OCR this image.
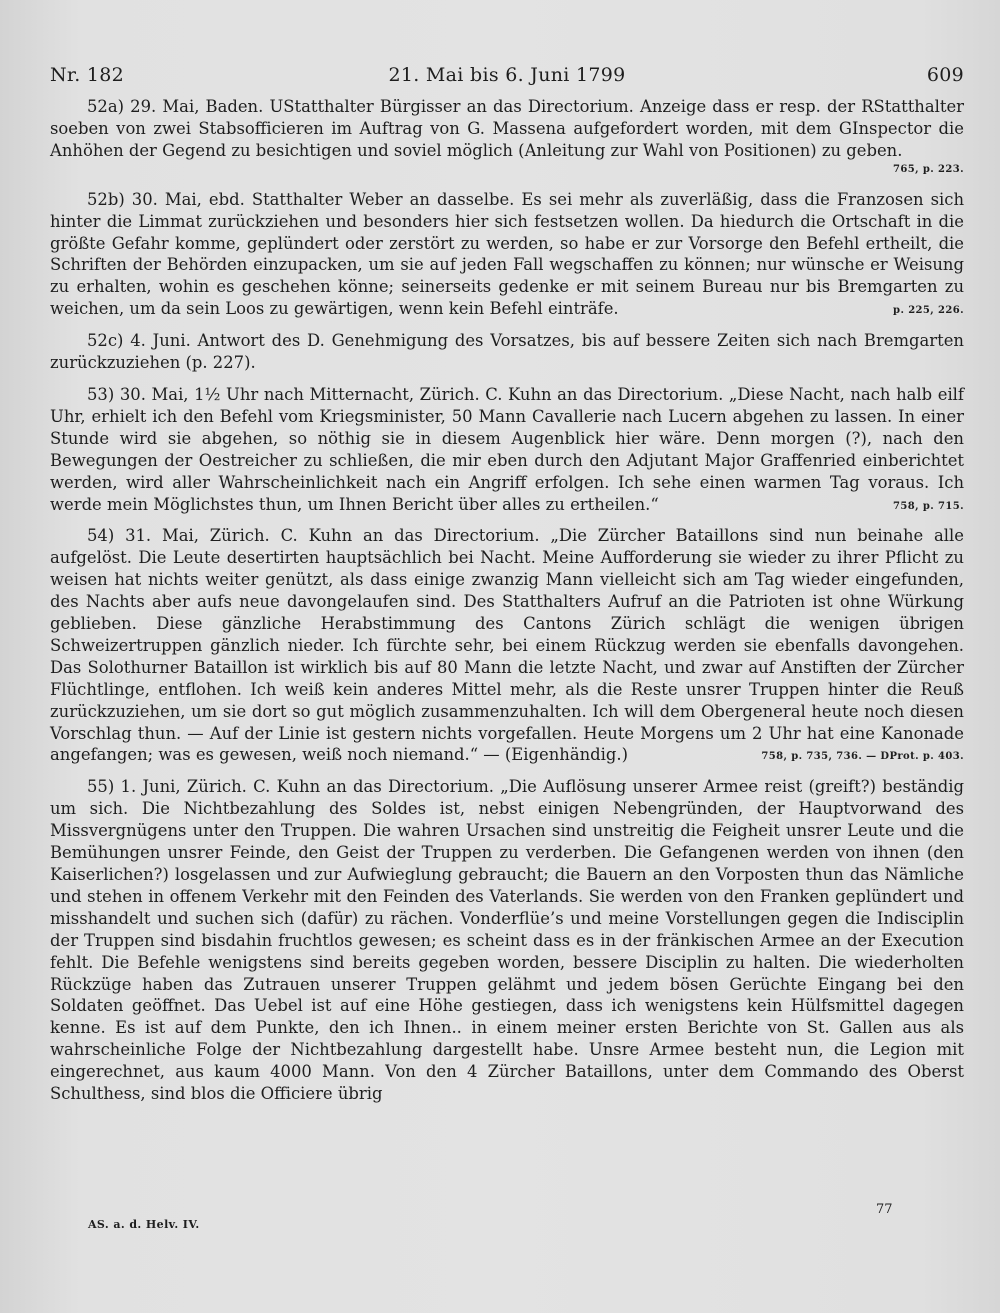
Nr. 182	21. Mai bis 6. Juni 1799	609

52a) 29. Mai, Baden. UStatthalter Bürgisser an das Directorium. Anzeige dass er resp. der RStatthalter soeben von zwei Stabsofficieren im Auftrag von G. Massena aufgefordert worden, mit dem GInspector die Anhöhen der Gegend zu besichtigen und soviel möglich (Anleitung zur Wahl von Positionen) zu geben.

765, p. 223.

52b) 30. Mai, ebd. Statthalter Weber an dasselbe. Es sei mehr als zuverläßig, dass die Franzosen sich hinter die Limmat zurückziehen und besonders hier sich festsetzen wollen. Da hiedurch die Ortschaft in die größte Gefahr komme, geplündert oder zerstört zu werden, so habe er zur Vorsorge den Befehl ertheilt, die Schriften der Behörden einzupacken, um sie auf jeden Fall wegschaffen zu können; nur wünsche er Weisung zu erhalten, wohin es geschehen könne; seinerseits gedenke er mit seinem Bureau nur bis Bremgarten zu weichen, um da sein Loos zu gewärtigen, wenn kein Befehl einträfe.	p. 225, 226.

52c) 4. Juni. Antwort des D. Genehmigung des Vorsatzes, bis auf bessere Zeiten sich nach Bremgarten zurückzuziehen (p. 227).

53) 30. Mai, 1½ Uhr nach Mitternacht, Zürich. C. Kuhn an das Directorium. „Diese Nacht, nach halb eilf Uhr, erhielt ich den Befehl vom Kriegsminister, 50 Mann Cavallerie nach Lucern abgehen zu lassen. In einer Stunde wird sie abgehen, so nöthig sie in diesem Augenblick hier wäre. Denn morgen (?), nach den Bewegungen der Oestreicher zu schließen, die mir eben durch den Adjutant Major Graffenried einberichtet werden, wird aller Wahrscheinlichkeit nach ein Angriff erfolgen. Ich sehe einen warmen Tag voraus. Ich werde mein Möglichstes thun, um Ihnen Bericht über alles zu ertheilen.“	758, p. 715.

54) 31. Mai, Zürich. C. Kuhn an das Directorium. „Die Zürcher Bataillons sind nun beinahe alle aufgelöst. Die Leute desertirten hauptsächlich bei Nacht. Meine Aufforderung sie wieder zu ihrer Pflicht zu weisen hat nichts weiter genützt, als dass einige zwanzig Mann vielleicht sich am Tag wieder eingefunden, des Nachts aber aufs neue davongelaufen sind. Des Statthalters Aufruf an die Patrioten ist ohne Würkung geblieben. Diese gänzliche Herabstimmung des Cantons Zürich schlägt die wenigen übrigen Schweizertruppen gänzlich nieder. Ich fürchte sehr, bei einem Rückzug werden sie ebenfalls davongehen. Das Solothurner Bataillon ist wirklich bis auf 80 Mann die letzte Nacht, und zwar auf Anstiften der Zürcher Flüchtlinge, entflohen. Ich weiß kein anderes Mittel mehr, als die Reste unsrer Truppen hinter die Reuß zurückzuziehen, um sie dort so gut möglich zusammenzuhalten. Ich will dem Obergeneral heute noch diesen Vorschlag thun. — Auf der Linie ist gestern nichts vorgefallen. Heute Morgens um 2 Uhr hat eine Kanonade angefangen; was es gewesen, weiß noch niemand.“ — (Eigenhändig.)	758, p. 735, 736. — DProt. p. 403.

55) 1. Juni, Zürich. C. Kuhn an das Directorium. „Die Auflösung unserer Armee reist (greift?) beständig um sich. Die Nichtbezahlung des Soldes ist, nebst einigen Nebengründen, der Hauptvorwand des Missvergnügens unter den Truppen. Die wahren Ursachen sind unstreitig die Feigheit unsrer Leute und die Bemühungen unsrer Feinde, den Geist der Truppen zu verderben. Die Gefangenen werden von ihnen (den Kaiserlichen?) losgelassen und zur Aufwieglung gebraucht; die Bauern an den Vorposten thun das Nämliche und stehen in offenem Verkehr mit den Feinden des Vaterlands. Sie werden von den Franken geplündert und misshandelt und suchen sich (dafür) zu rächen. Vonderflüe’s und meine Vorstellungen gegen die Indisciplin der Truppen sind bisdahin fruchtlos gewesen; es scheint dass es in der fränkischen Armee an der Execution fehlt. Die Befehle wenigstens sind bereits gegeben worden, bessere Disciplin zu halten. Die wiederholten Rückzüge haben das Zutrauen unserer Truppen gelähmt und jedem bösen Gerüchte Eingang bei den Soldaten geöffnet. Das Uebel ist auf eine Höhe gestiegen, dass ich wenigstens kein Hülfsmittel dagegen kenne. Es ist auf dem Punkte, den ich Ihnen.. in einem meiner ersten Berichte von St. Gallen aus als wahrscheinliche Folge der Nichtbezahlung dargestellt habe. Unsre Armee besteht nun, die Legion mit eingerechnet, aus kaum 4000 Mann. Von den 4 Zürcher Bataillons, unter dem Commando des Oberst Schulthess, sind blos die Officiere übrig

AS. a. d. Helv. IV.
77
